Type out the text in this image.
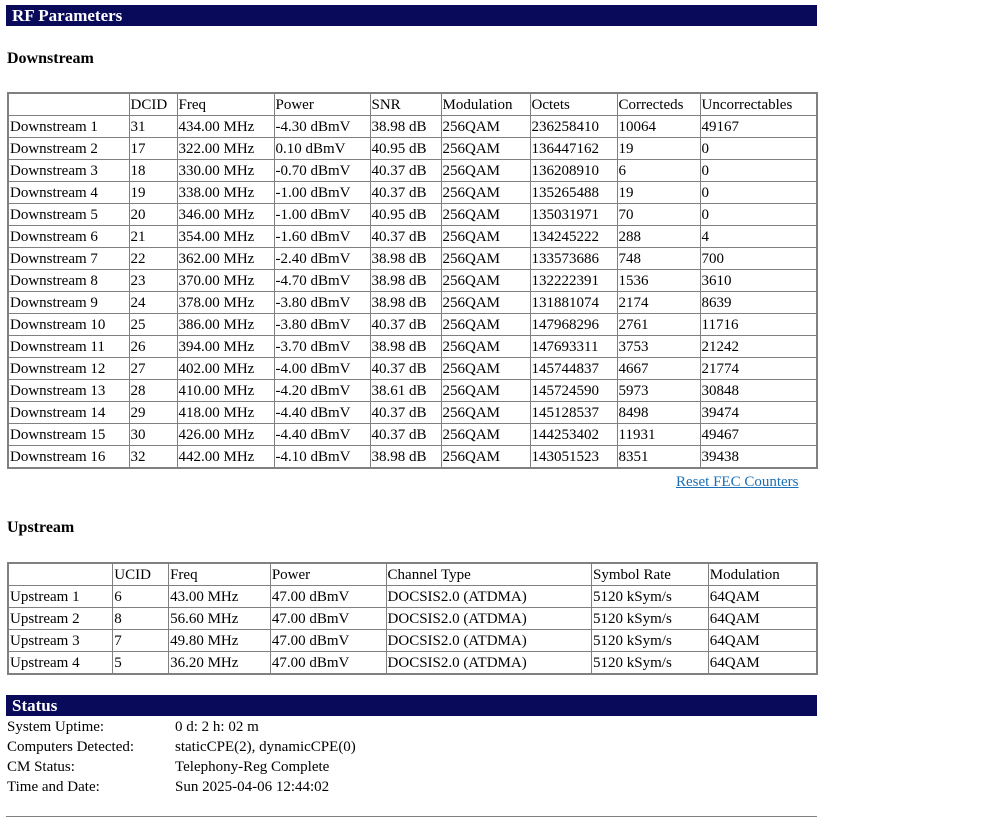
RF Parameters
Downstream
	DCID	Freq	Power	SNR	Modulation	Octets	Correcteds	Uncorrectables
Downstream 1	31	434.00 MHz	-4.30 dBmV	38.98 dB	256QAM	236258410	10064	49167
Downstream 2	17	322.00 MHz	0.10 dBmV	40.95 dB	256QAM	136447162	19	0
Downstream 3	18	330.00 MHz	-0.70 dBmV	40.37 dB	256QAM	136208910	6	0
Downstream 4	19	338.00 MHz	-1.00 dBmV	40.37 dB	256QAM	135265488	19	0
Downstream 5	20	346.00 MHz	-1.00 dBmV	40.95 dB	256QAM	135031971	70	0
Downstream 6	21	354.00 MHz	-1.60 dBmV	40.37 dB	256QAM	134245222	288	4
Downstream 7	22	362.00 MHz	-2.40 dBmV	38.98 dB	256QAM	133573686	748	700
Downstream 8	23	370.00 MHz	-4.70 dBmV	38.98 dB	256QAM	132222391	1536	3610
Downstream 9	24	378.00 MHz	-3.80 dBmV	38.98 dB	256QAM	131881074	2174	8639
Downstream 10	25	386.00 MHz	-3.80 dBmV	40.37 dB	256QAM	147968296	2761	11716
Downstream 11	26	394.00 MHz	-3.70 dBmV	38.98 dB	256QAM	147693311	3753	21242
Downstream 12	27	402.00 MHz	-4.00 dBmV	40.37 dB	256QAM	145744837	4667	21774
Downstream 13	28	410.00 MHz	-4.20 dBmV	38.61 dB	256QAM	145724590	5973	30848
Downstream 14	29	418.00 MHz	-4.40 dBmV	40.37 dB	256QAM	145128537	8498	39474
Downstream 15	30	426.00 MHz	-4.40 dBmV	40.37 dB	256QAM	144253402	11931	49467
Downstream 16	32	442.00 MHz	-4.10 dBmV	38.98 dB	256QAM	143051523	8351	39438
Reset FEC Counters
Upstream
	UCID	Freq	Power	Channel Type	Symbol Rate	Modulation
Upstream 1	6	43.00 MHz	47.00 dBmV	DOCSIS2.0 (ATDMA)	5120 kSym/s	64QAM
Upstream 2	8	56.60 MHz	47.00 dBmV	DOCSIS2.0 (ATDMA)	5120 kSym/s	64QAM
Upstream 3	7	49.80 MHz	47.00 dBmV	DOCSIS2.0 (ATDMA)	5120 kSym/s	64QAM
Upstream 4	5	36.20 MHz	47.00 dBmV	DOCSIS2.0 (ATDMA)	5120 kSym/s	64QAM
Status
System Uptime:	0 d: 2 h: 02 m
Computers Detected:	staticCPE(2), dynamicCPE(0)
CM Status:	Telephony-Reg Complete
Time and Date:	Sun 2025-04-06 12:44:02
